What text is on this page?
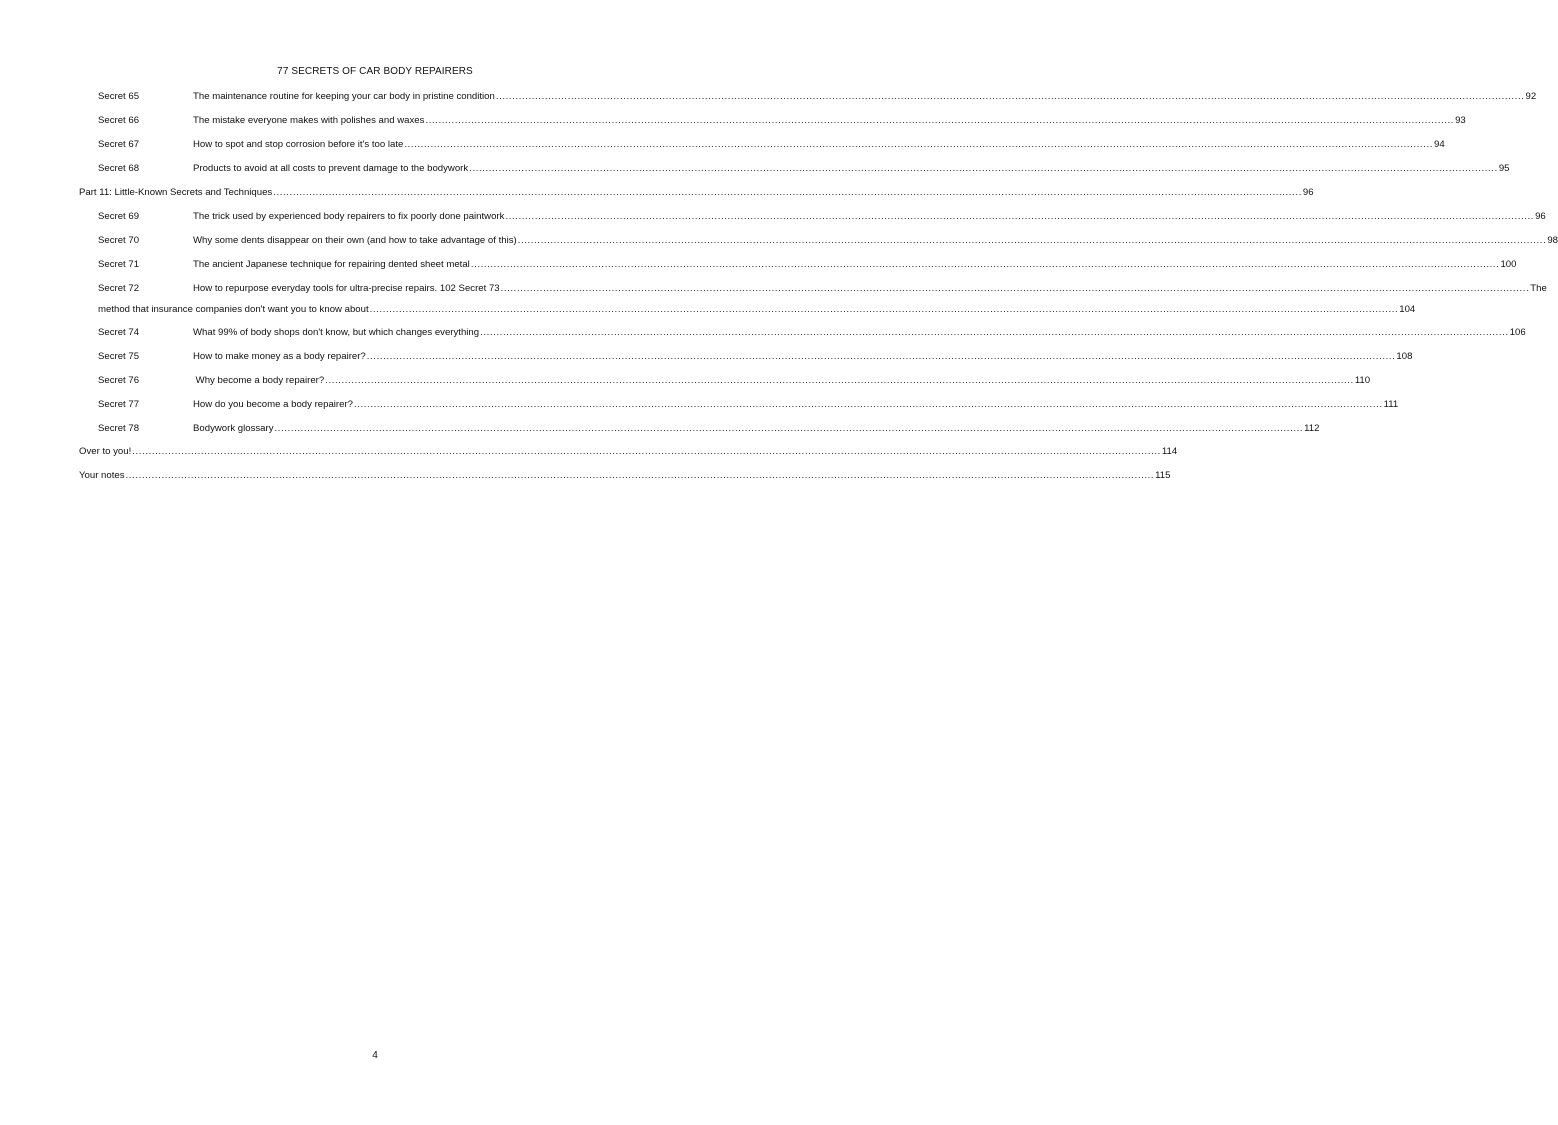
77 SECRETS OF CAR BODY REPAIRERS
Secret 65	The maintenance routine for keeping your car body in pristine condition .....	92
Secret 66	The mistake everyone makes with polishes and waxes .....	93
Secret 67	How to spot and stop corrosion before it's too late .....	94
Secret 68	Products to avoid at all costs to prevent damage to the bodywork .....	95
Part 11: Little-Known Secrets and Techniques .....	96
Secret 69	The trick used by experienced body repairers to fix poorly done paintwork .....	96
Secret 70	Why some dents disappear on their own (and how to take advantage of this) .....	98
Secret 71	The ancient Japanese technique for repairing dented sheet metal .....	100
Secret 72	How to repurpose everyday tools for ultra-precise repairs. 102 Secret 73 .....	The
method that insurance companies don't want you to know about .....	104
Secret 74	What 99% of body shops don't know, but which changes everything .....	106
Secret 75	How to make money as a body repairer? .....	108
Secret 76	Why become a body repairer? .....	110
Secret 77	How do you become a body repairer? .....	111
Secret 78	Bodywork glossary .....	112
Over to you! .....	114
Your notes .....	115
4
